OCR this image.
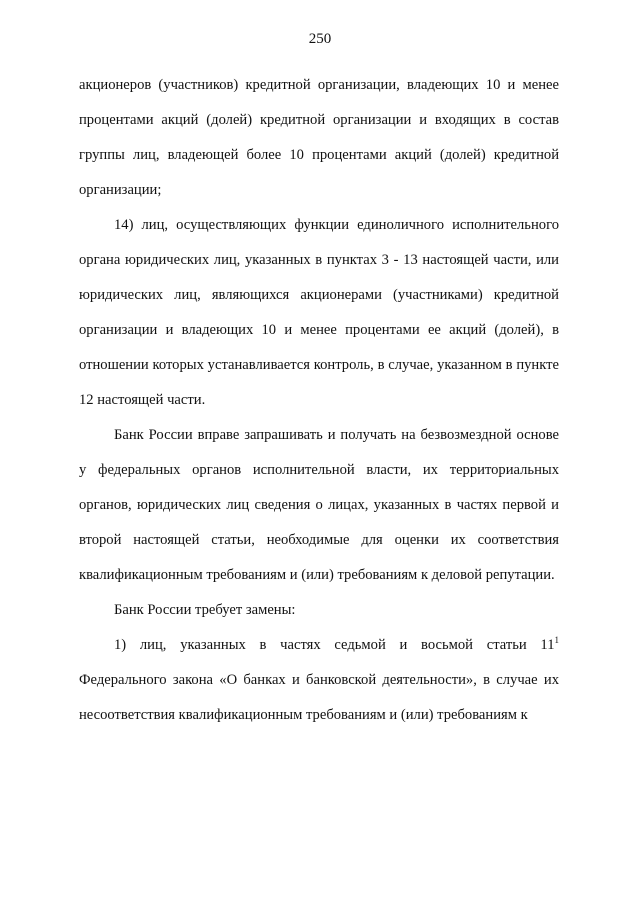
250

акционеров (участников) кредитной организации, владеющих 10 и менее процентами акций (долей) кредитной организации и входящих в состав группы лиц, владеющей более 10 процентами акций (долей) кредитной организации;

14) лиц, осуществляющих функции единоличного исполнительного органа юридических лиц, указанных в пунктах 3 - 13 настоящей части, или юридических лиц, являющихся акционерами (участниками) кредитной организации и владеющих 10 и менее процентами ее акций (долей), в отношении которых устанавливается контроль, в случае, указанном в пункте 12 настоящей части.

Банк России вправе запрашивать и получать на безвозмездной основе у федеральных органов исполнительной власти, их территориальных органов, юридических лиц сведения о лицах, указанных в частях первой и второй настоящей статьи, необходимые для оценки их соответствия квалификационным требованиям и (или) требованиям к деловой репутации.

Банк России требует замены:

1) лиц, указанных в частях седьмой и восьмой статьи $11^1$ Федерального закона «О банках и банковской деятельности», в случае их несоответствия квалификационным требованиям и (или) требованиям к
